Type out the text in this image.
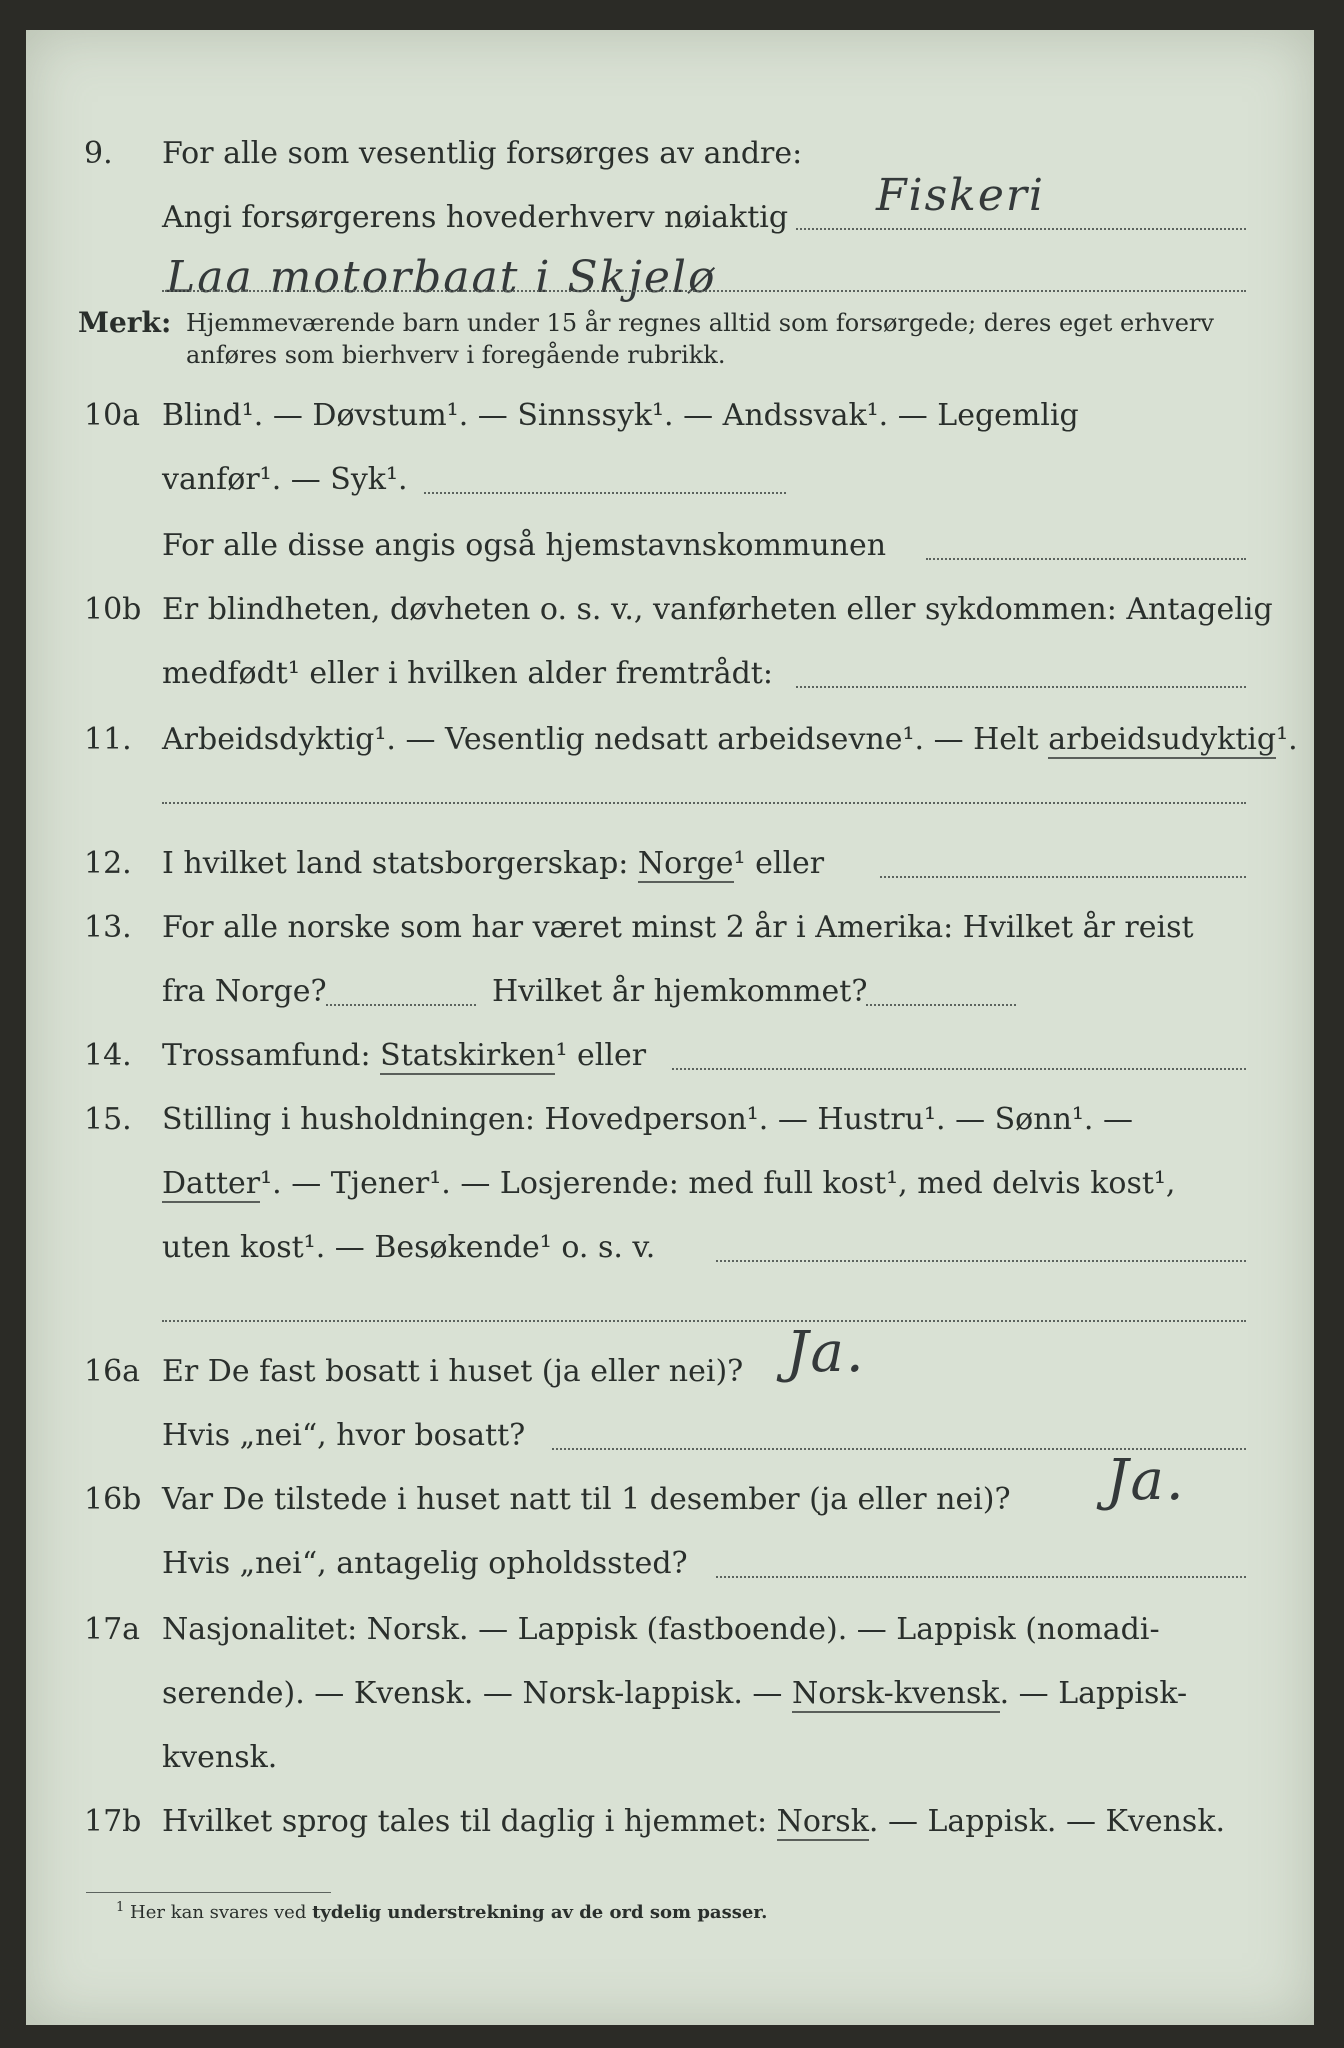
9. For alle som vesentlig forsørges av andre:
Fiskeri
Angi forsørgerens hovederhverv nøiaktig
Laa motorbaat i Skjelø
Merk: Hjemmeværende barn under 15 år regnes alltid som forsørgede; deres eget erhverv
anføres som bierhverv i foregående rubrikk.
10a Blind¹. — Døvstum¹. — Sinnssyk¹. — Andssvak¹. — Legemlig
vanfør¹. — Syk¹.
For alle disse angis også hjemstavnskommunen
10b Er blindheten, døvheten o. s. v., vanførheten eller sykdommen: Antagelig
medfødt¹ eller i hvilken alder fremtrådt:
11. Arbeidsdyktig¹. — Vesentlig nedsatt arbeidsevne¹. — Helt arbeidsudyktig¹.
12. I hvilket land statsborgerskap: Norge¹ eller
13. For alle norske som har været minst 2 år i Amerika: Hvilket år reist
fra Norge?	Hvilket år hjemkommet?
14. Trossamfund: Statskirken¹ eller
15. Stilling i husholdningen: Hovedperson¹. — Hustru¹. — Sønn¹. —
Datter¹. — Tjener¹. — Losjerende: med full kost¹, med delvis kost¹,
uten kost¹. — Besøkende¹ o. s. v.
16a Er De fast bosatt i huset (ja eller nei)? Ja.
Hvis „nei“, hvor bosatt?
16b Var De tilstede i huset natt til 1 desember (ja eller nei)? Ja.
Hvis „nei“, antagelig opholdssted?
17a Nasjonalitet: Norsk. — Lappisk (fastboende). — Lappisk (nomadi-
serende). — Kvensk. — Norsk-lappisk. — Norsk-kvensk. — Lappisk-
kvensk.
17b Hvilket sprog tales til daglig i hjemmet: Norsk. — Lappisk. — Kvensk.
$^1$ Her kan svares ved tydelig understrekning av de ord som passer.
